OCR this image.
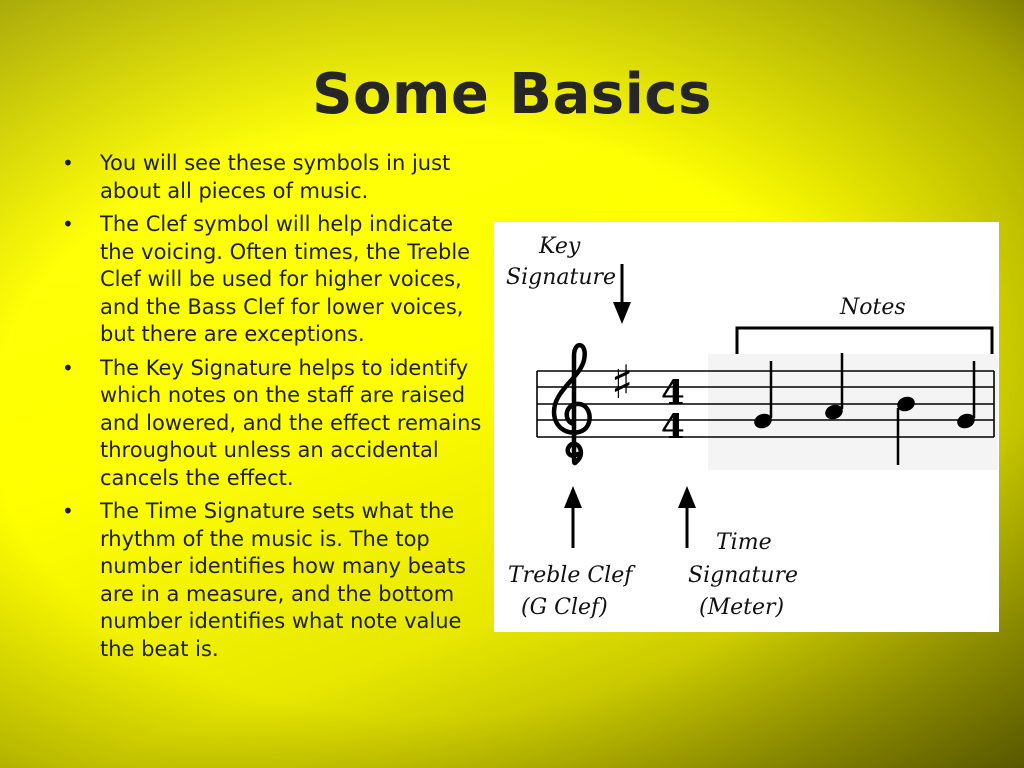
Some Basics
• You will see these symbols in just about all pieces of music.
• The Clef symbol will help indicate the voicing. Often times, the Treble Clef will be used for higher voices, and the Bass Clef for lower voices, but there are exceptions.
• The Key Signature helps to identify which notes on the staff are raised and lowered, and the effect remains throughout unless an accidental cancels the effect.
• The Time Signature sets what the rhythm of the music is. The top number identifies how many beats are in a measure, and the bottom number identifies what note value the beat is.
Key
Signature
Notes
♯ 4
4
Treble Clef
(G Clef)
Time
Signature
(Meter)
